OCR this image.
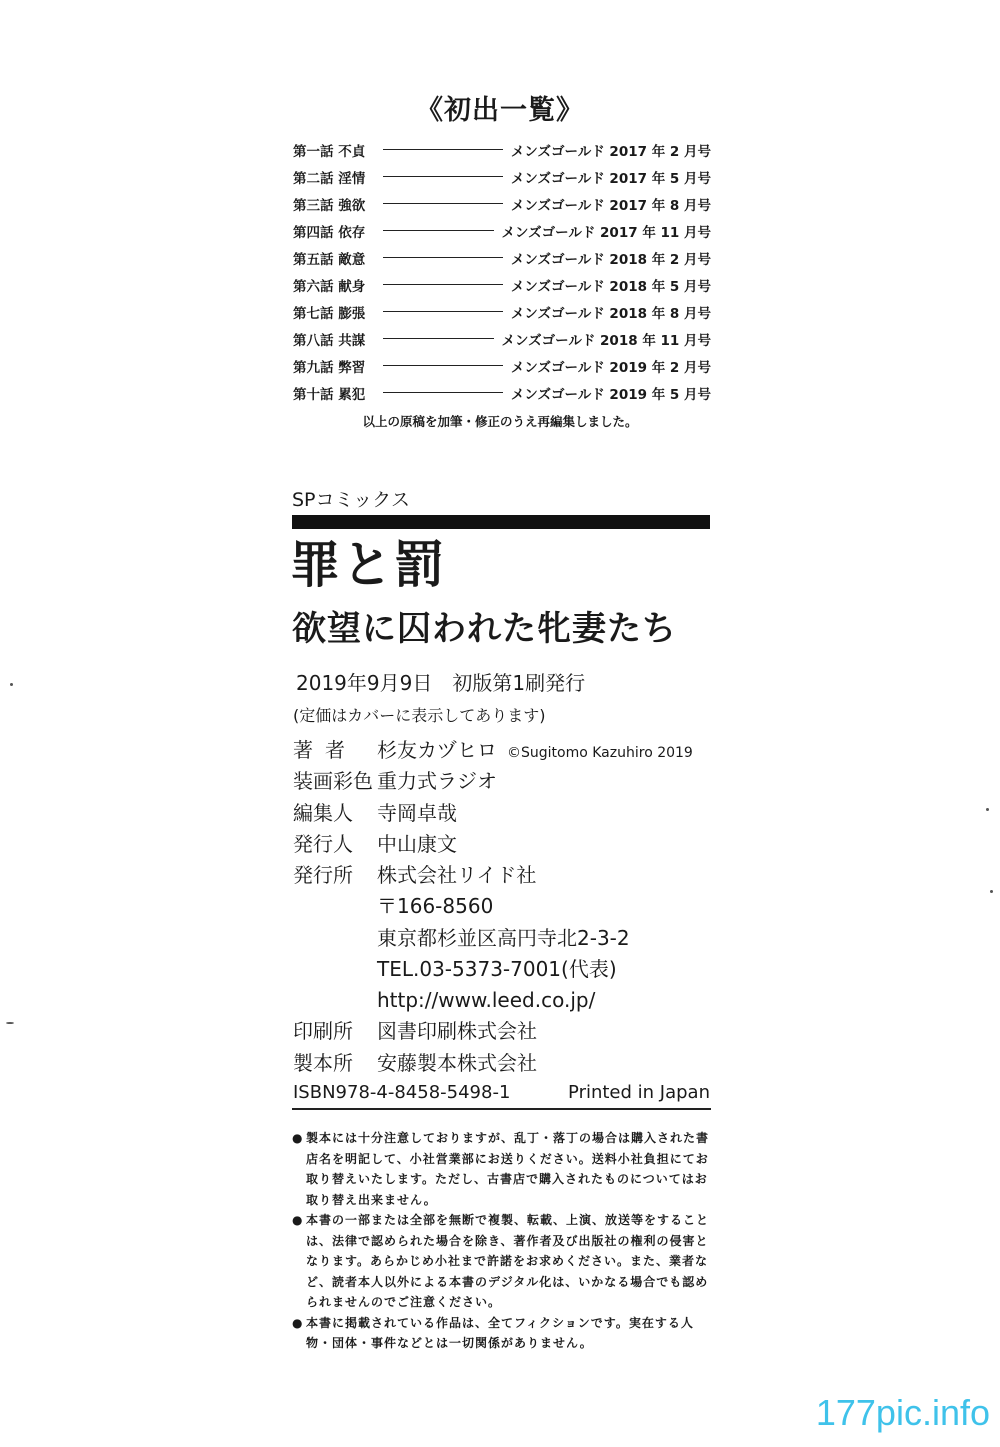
《初出一覧》
第一話 不貞	メンズゴールド 2017 年 2 月号
第二話 淫情	メンズゴールド 2017 年 5 月号
第三話 強欲	メンズゴールド 2017 年 8 月号
第四話 依存	メンズゴールド 2017 年 11 月号
第五話 敵意	メンズゴールド 2018 年 2 月号
第六話 献身	メンズゴールド 2018 年 5 月号
第七話 膨張	メンズゴールド 2018 年 8 月号
第八話 共謀	メンズゴールド 2018 年 11 月号
第九話 弊習	メンズゴールド 2019 年 2 月号
第十話 累犯	メンズゴールド 2019 年 5 月号
以上の原稿を加筆・修正のうえ再編集しました。
SPコミックス
罪と罰
欲望に囚われた牝妻たち
2019年9月9日　初版第1刷発行
(定価はカバーに表示してあります)
著者	杉友カヅヒロ ©Sugitomo Kazuhiro 2019
装画彩色 重力式ラジオ
編集人	寺岡卓哉
発行人	中山康文
発行所	株式会社リイド社
〒166-8560
東京都杉並区高円寺北2-3-2
TEL.03-5373-7001(代表)
http://www.leed.co.jp/
印刷所	図書印刷株式会社
製本所	安藤製本株式会社
ISBN978-4-8458-5498-1	Printed in Japan
● 製本には十分注意しておりますが、乱丁・落丁の場合は購入された書店名を明記して、小社営業部にお送りください。送料小社負担にてお取り替えいたします。ただし、古書店で購入されたものについてはお取り替え出来ません。
● 本書の一部または全部を無断で複製、転載、上演、放送等をすることは、法律で認められた場合を除き、著作者及び出版社の権利の侵害となります。あらかじめ小社まで許諾をお求めください。また、業者など、読者本人以外による本書のデジタル化は、いかなる場合でも認められませんのでご注意ください。
● 本書に掲載されている作品は、全てフィクションです。実在する人物・団体・事件などとは一切関係がありません。
177pic.info
